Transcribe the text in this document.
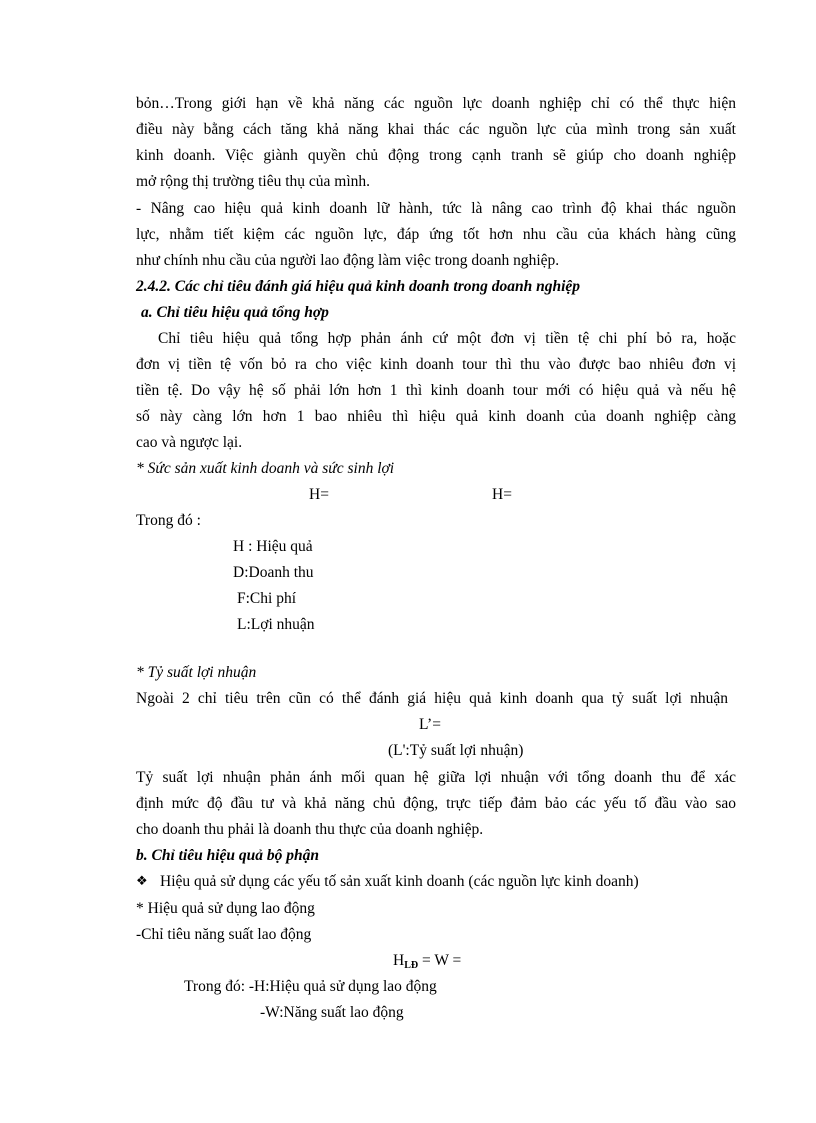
bỏn…Trong giới hạn về khả năng các nguồn lực doanh nghiệp chỉ có thể thực hiện
điều này bằng cách tăng khả năng khai thác các nguồn lực của mình trong sản xuất
kinh doanh. Việc giành quyền chủ động trong cạnh tranh sẽ giúp cho doanh nghiệp
mở rộng thị trường tiêu thụ của mình.
- Nâng cao hiệu quả kinh doanh lữ hành, tức là nâng cao trình độ khai thác nguồn
lực, nhằm tiết kiệm các nguồn lực, đáp ứng tốt hơn nhu cầu của khách hàng cũng
như chính nhu cầu của người lao động làm việc trong doanh nghiệp.
2.4.2. Các chỉ tiêu đánh giá hiệu quả kinh doanh trong doanh nghiệp
a. Chỉ tiêu hiệu quả tổng hợp
Chỉ tiêu hiệu quả tổng hợp phản ánh cứ một đơn vị tiền tệ chi phí bỏ ra, hoặc
đơn vị tiền tệ vốn bỏ ra cho việc kinh doanh tour thì thu vào được bao nhiêu đơn vị
tiền tệ. Do vậy hệ số phải lớn hơn 1 thì kinh doanh tour mới có hiệu quả và nếu hệ
số này càng lớn hơn 1 bao nhiêu thì hiệu quả kinh doanh của doanh nghiệp càng
cao và ngược lại.
* Sức sản xuất kinh doanh và sức sinh lợi
H=	H=
Trong đó :
H : Hiệu quả
D:Doanh thu
F:Chi phí
L:Lợi nhuận
* Tỷ suất lợi nhuận
Ngoài 2 chỉ tiêu trên cũn có thể đánh giá hiệu quả kinh doanh qua tỷ suất lợi nhuận
L’=
(L':Tỷ suất lợi nhuận)
Tỷ suất lợi nhuận phản ánh mối quan hệ giữa lợi nhuận với tổng doanh thu để xác
định mức độ đầu tư và khả năng chủ động, trực tiếp đảm bảo các yếu tố đầu vào sao
cho doanh thu phải là doanh thu thực của doanh nghiệp.
b. Chỉ tiêu hiệu quả bộ phận
❖ Hiệu quả sử dụng các yếu tố sản xuất kinh doanh (các nguồn lực kinh doanh)
* Hiệu quả sử dụng lao động
-Chỉ tiêu năng suất lao động
$H_{LĐ} = W$ =
Trong đó: -H:Hiệu quả sử dụng lao động
-W:Năng suất lao động
